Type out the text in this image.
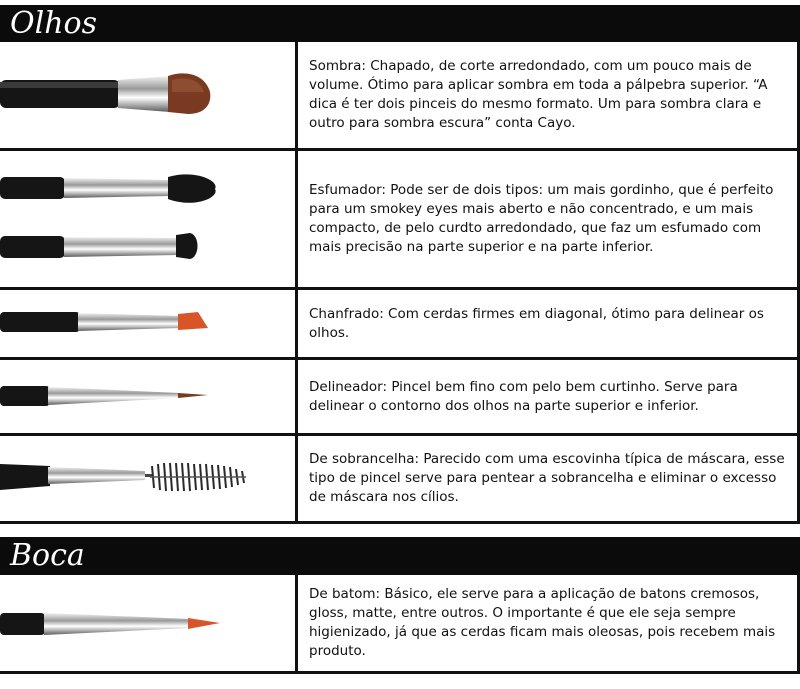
Olhos

Sombra: Chapado, de corte arredondado, com um pouco mais de volume. Ótimo para aplicar sombra em toda a pálpebra superior. “A dica é ter dois pinceis do mesmo formato. Um para sombra clara e outro para sombra escura” conta Cayo.

Esfumador: Pode ser de dois tipos: um mais gordinho, que é perfeito para um smokey eyes mais aberto e não concentrado, e um mais compacto, de pelo curdto arredondado, que faz um esfumado com mais precisão na parte superior e na parte inferior.

Chanfrado: Com cerdas firmes em diagonal, ótimo para delinear os olhos.

Delineador: Pincel bem fino com pelo bem curtinho. Serve para delinear o contorno dos olhos na parte superior e inferior.

De sobrancelha: Parecido com uma escovinha típica de máscara, esse tipo de pincel serve para pentear a sobrancelha e eliminar o excesso de máscara nos cílios.

Boca

De batom: Básico, ele serve para a aplicação de batons cremosos, gloss, matte, entre outros. O importante é que ele seja sempre higienizado, já que as cerdas ficam mais oleosas, pois recebem mais produto.
